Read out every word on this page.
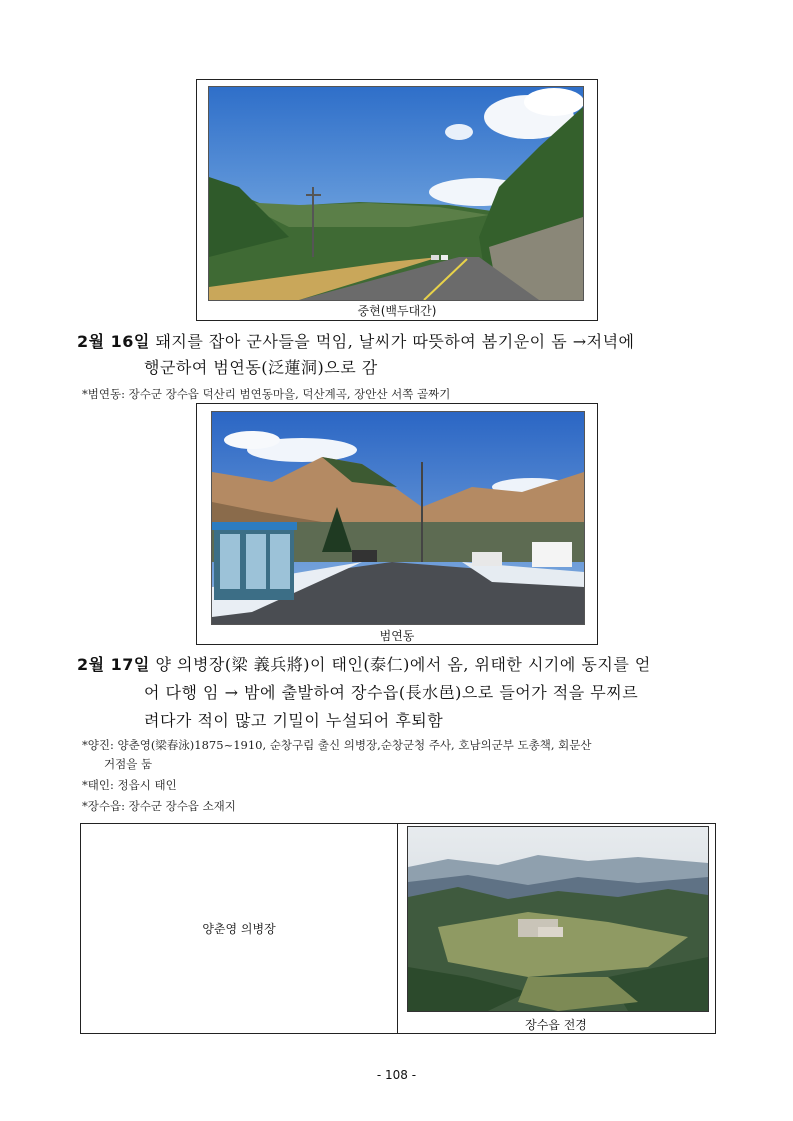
중현(백두대간)
2월 16일 돼지를 잡아 군사들을 먹임, 날씨가 따뜻하여 봄기운이 돔 →저녁에
행군하여 범연동(泛蓮洞)으로 감
*범연동: 장수군 장수읍 덕산리 범연동마을, 덕산계곡, 장안산 서쪽 골짜기
범연동
2월 17일 양 의병장(梁 義兵將)이 태인(泰仁)에서 옴, 위태한 시기에 동지를 얻
어 다행 임 → 밤에 출발하여 장수읍(長水邑)으로 들어가 적을 무찌르
려다가 적이 많고 기밀이 누설되어 후퇴함
*양진: 양춘영(梁春泳)1875~1910, 순창구림 출신 의병장,순창군청 주사, 호남의군부 도총책, 회문산
거점을 둠
*태인: 정읍시 태인
*장수읍: 장수군 장수읍 소재지
양춘영 의병장
장수읍 전경
- 108 -
